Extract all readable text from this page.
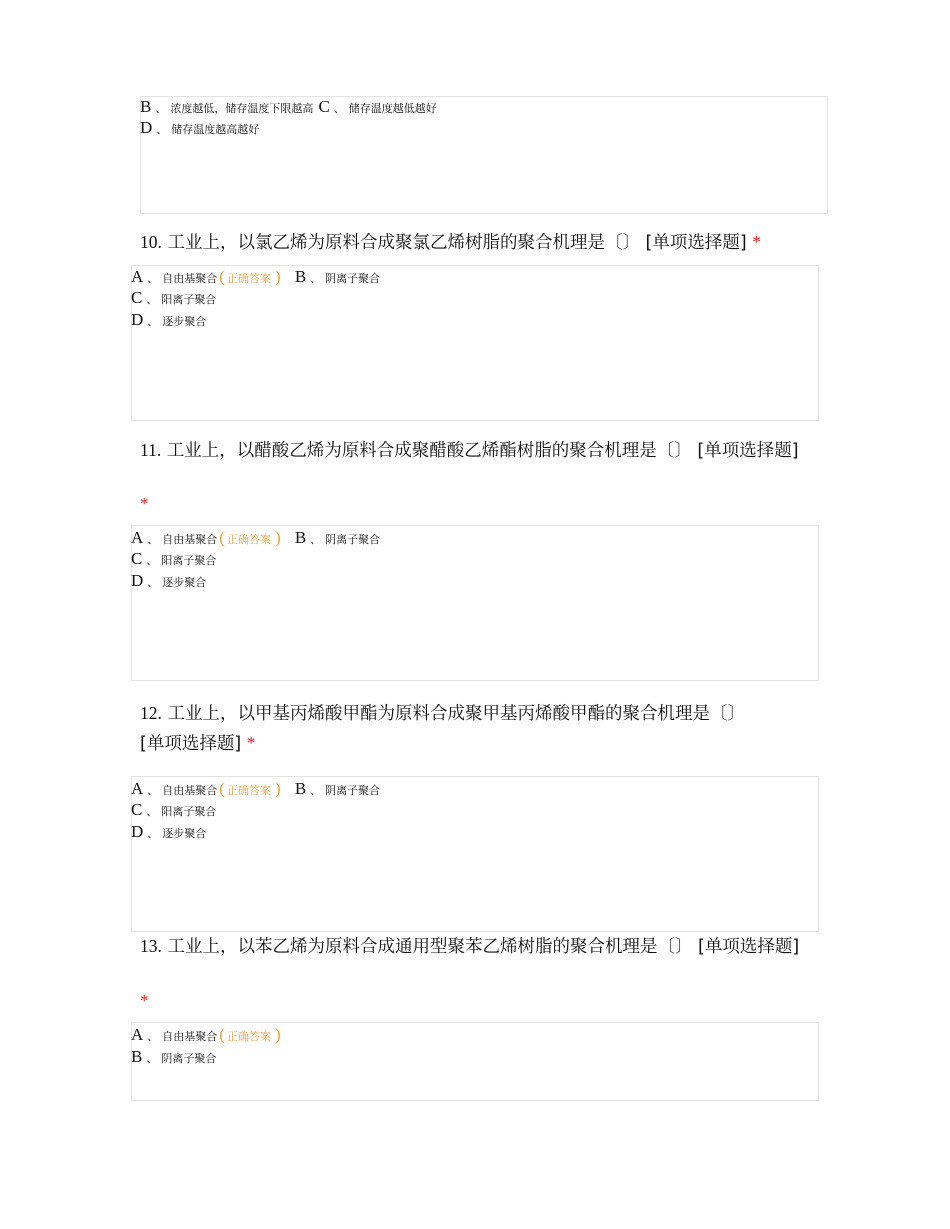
B 、 浓度越低，储存温度下限越高 C 、 储存温度越低越好
D 、 储存温度越高越好
10. 工业上，以氯乙烯为原料合成聚氯乙烯树脂的聚合机理是〔〕 [单项选择题] *
A 、 自由基聚合 ( 正确答案 ) B 、 阴离子聚合
C 、 阳离子聚合
D 、 逐步聚合
11. 工业上，以醋酸乙烯为原料合成聚醋酸乙烯酯树脂的聚合机理是〔〕 [单项选择题]
*
A 、 自由基聚合 ( 正确答案 ) B 、 阴离子聚合
C 、 阳离子聚合
D 、 逐步聚合
12. 工业上，以甲基丙烯酸甲酯为原料合成聚甲基丙烯酸甲酯的聚合机理是〔〕
[单项选择题] *
A 、 自由基聚合 ( 正确答案 ) B 、 阴离子聚合
C 、 阳离子聚合
D 、 逐步聚合
13. 工业上，以苯乙烯为原料合成通用型聚苯乙烯树脂的聚合机理是〔〕 [单项选择题]
*
A 、 自由基聚合 ( 正确答案 )
B 、 阴离子聚合
